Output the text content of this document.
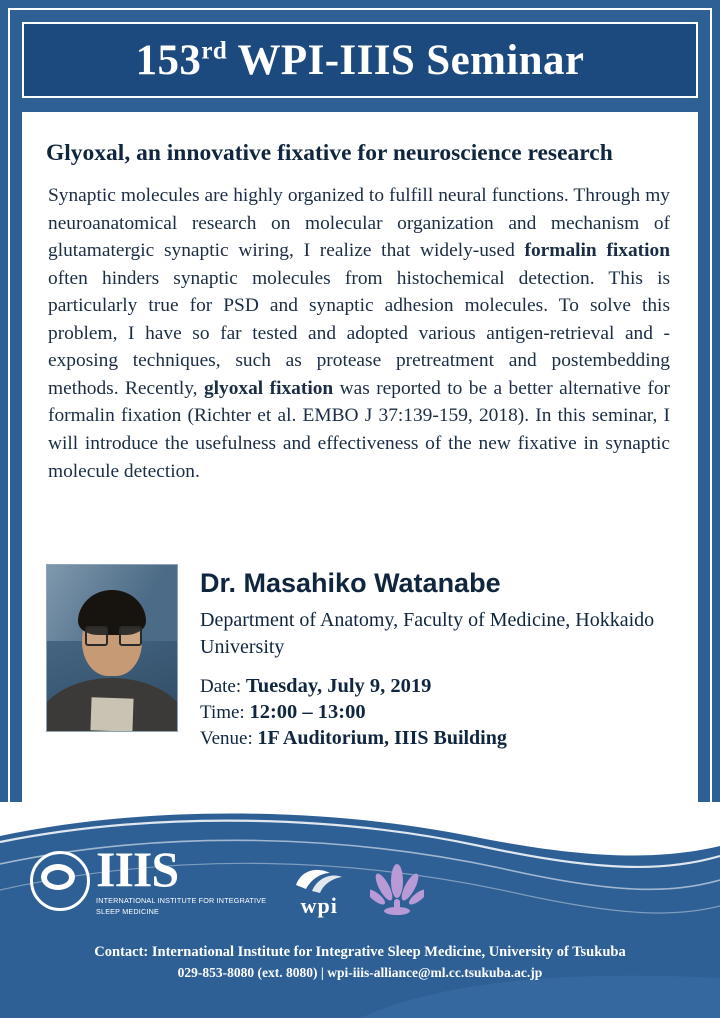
153rd WPI-IIIS Seminar
Glyoxal, an innovative fixative for neuroscience research

Synaptic molecules are highly organized to fulfill neural functions. Through my neuroanatomical research on molecular organization and mechanism of glutamatergic synaptic wiring, I realize that widely-used formalin fixation often hinders synaptic molecules from histochemical detection. This is particularly true for PSD and synaptic adhesion molecules. To solve this problem, I have so far tested and adopted various antigen-retrieval and -exposing techniques, such as protease pretreatment and postembedding methods. Recently, glyoxal fixation was reported to be a better alternative for formalin fixation (Richter et al. EMBO J 37:139-159, 2018). In this seminar, I will introduce the usefulness and effectiveness of the new fixative in synaptic molecule detection.

Dr. Masahiko Watanabe
Department of Anatomy, Faculty of Medicine, Hokkaido University
Date: Tuesday, July 9, 2019
Time: 12:00 – 13:00
Venue: 1F Auditorium, IIIS Building
IIIS
INTERNATIONAL INSTITUTE FOR INTEGRATIVE
SLEEP MEDICINE	wpi
Contact: International Institute for Integrative Sleep Medicine, University of Tsukuba
029-853-8080 (ext. 8080) | wpi-iiis-alliance@ml.cc.tsukuba.ac.jp
